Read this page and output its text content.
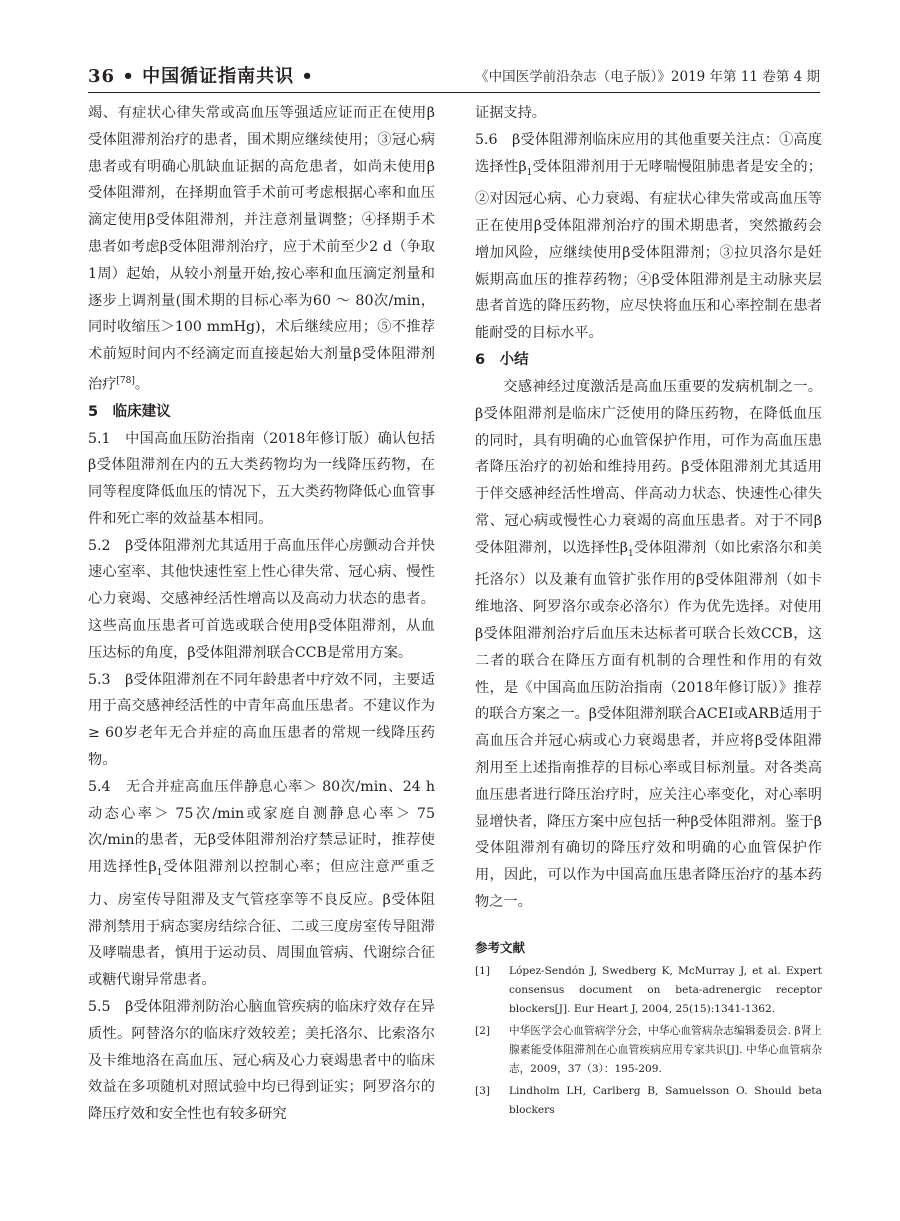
36 • 中国循证指南共识 •	《中国医学前沿杂志（电子版）》2019 年第 11 卷第 4 期

竭、有症状心律失常或高血压等强适应证而正在使用β受体阻滞剂治疗的患者，围术期应继续使用；③冠心病患者或有明确心肌缺血证据的高危患者，如尚未使用β受体阻滞剂，在择期血管手术前可考虑根据心率和血压滴定使用β受体阻滞剂，并注意剂量调整；④择期手术患者如考虑β受体阻滞剂治疗，应于术前至少2 d（争取1周）起始，从较小剂量开始,按心率和血压滴定剂量和逐步上调剂量(围术期的目标心率为60 ～ 80次/min，同时收缩压＞100 mmHg)，术后继续应用；⑤不推荐术前短时间内不经滴定而直接起始大剂量β受体阻滞剂治疗[78]。

5　临床建议

5.1　中国高血压防治指南（2018年修订版）确认包括β受体阻滞剂在内的五大类药物均为一线降压药物，在同等程度降低血压的情况下，五大类药物降低心血管事件和死亡率的效益基本相同。

5.2　β受体阻滞剂尤其适用于高血压伴心房颤动合并快速心室率、其他快速性室上性心律失常、冠心病、慢性心力衰竭、交感神经活性增高以及高动力状态的患者。这些高血压患者可首选或联合使用β受体阻滞剂，从血压达标的角度，β受体阻滞剂联合CCB是常用方案。

5.3　β受体阻滞剂在不同年龄患者中疗效不同，主要适用于高交感神经活性的中青年高血压患者。不建议作为≥ 60岁老年无合并症的高血压患者的常规一线降压药物。

5.4　无合并症高血压伴静息心率＞ 80次/min、24 h动态心率＞ 75次/min或家庭自测静息心率＞ 75次/min的患者，无β受体阻滞剂治疗禁忌证时，推荐使用选择性$\beta_1$受体阻滞剂以控制心率；但应注意严重乏力、房室传导阻滞及支气管痉挛等不良反应。β受体阻滞剂禁用于病态窦房结综合征、二或三度房室传导阻滞及哮喘患者，慎用于运动员、周围血管病、代谢综合征或糖代谢异常患者。

5.5　β受体阻滞剂防治心脑血管疾病的临床疗效存在异质性。阿替洛尔的临床疗效较差；美托洛尔、比索洛尔及卡维地洛在高血压、冠心病及心力衰竭患者中的临床效益在多项随机对照试验中均已得到证实；阿罗洛尔的降压疗效和安全性也有较多研究

证据支持。

5.6　β受体阻滞剂临床应用的其他重要关注点：①高度选择性$\beta_1$受体阻滞剂用于无哮喘慢阻肺患者是安全的；②对因冠心病、心力衰竭、有症状心律失常或高血压等正在使用β受体阻滞剂治疗的围术期患者，突然撤药会增加风险，应继续使用β受体阻滞剂；③拉贝洛尔是妊娠期高血压的推荐药物；④β受体阻滞剂是主动脉夹层患者首选的降压药物，应尽快将血压和心率控制在患者能耐受的目标水平。

6　小结

交感神经过度激活是高血压重要的发病机制之一。β受体阻滞剂是临床广泛使用的降压药物，在降低血压的同时，具有明确的心血管保护作用，可作为高血压患者降压治疗的初始和维持用药。β受体阻滞剂尤其适用于伴交感神经活性增高、伴高动力状态、快速性心律失常、冠心病或慢性心力衰竭的高血压患者。对于不同β受体阻滞剂，以选择性$\beta_1$受体阻滞剂（如比索洛尔和美托洛尔）以及兼有血管扩张作用的β受体阻滞剂（如卡维地洛、阿罗洛尔或奈必洛尔）作为优先选择。对使用β受体阻滞剂治疗后血压未达标者可联合长效CCB，这二者的联合在降压方面有机制的合理性和作用的有效性，是《中国高血压防治指南（2018年修订版）》推荐的联合方案之一。β受体阻滞剂联合ACEI或ARB适用于高血压合并冠心病或心力衰竭患者，并应将β受体阻滞剂用至上述指南推荐的目标心率或目标剂量。对各类高血压患者进行降压治疗时，应关注心率变化，对心率明显增快者，降压方案中应包括一种β受体阻滞剂。鉴于β受体阻滞剂有确切的降压疗效和明确的心血管保护作用，因此，可以作为中国高血压患者降压治疗的基本药物之一。

参考文献
[1]	López-Sendón J, Swedberg K, McMurray J, et al. Expert consensus document on beta-adrenergic receptor blockers[J]. Eur Heart J, 2004, 25(15):1341-1362.
[2]	中华医学会心血管病学分会，中华心血管病杂志编辑委员会. β肾上腺素能受体阻滞剂在心血管疾病应用专家共识[J]. 中华心血管病杂志，2009，37（3）：195-209.
[3]	Lindholm LH, Carlberg B, Samuelsson O. Should beta blockers
